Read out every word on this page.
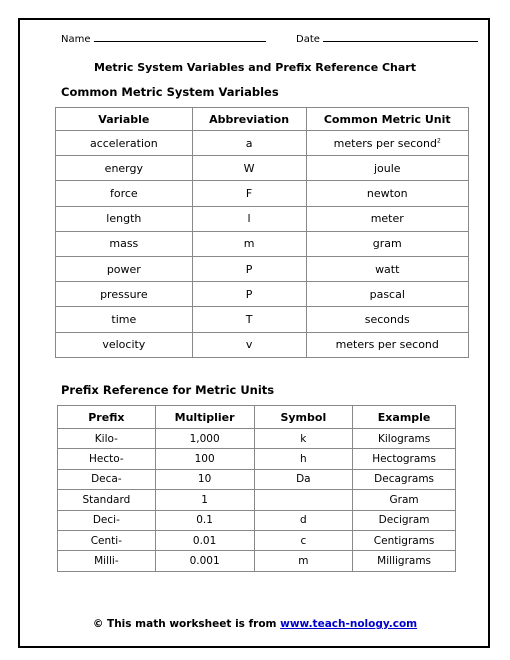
Name	Date
Metric System Variables and Prefix Reference Chart
Common Metric System Variables
Variable	Abbreviation	Common Metric Unit
acceleration	a	meters per second$^2$
energy	W	joule
force	F	newton
length	l	meter
mass	m	gram
power	P	watt
pressure	P	pascal
time	T	seconds
velocity	v	meters per second
Prefix Reference for Metric Units
Prefix	Multiplier	Symbol	Example
Kilo-	1,000	k	Kilograms
Hecto-	100	h	Hectograms
Deca-	10	Da	Decagrams
Standard	1		Gram
Deci-	0.1	d	Decigram
Centi-	0.01	c	Centigrams
Milli-	0.001	m	Milligrams
© This math worksheet is from www.teach-nology.com
